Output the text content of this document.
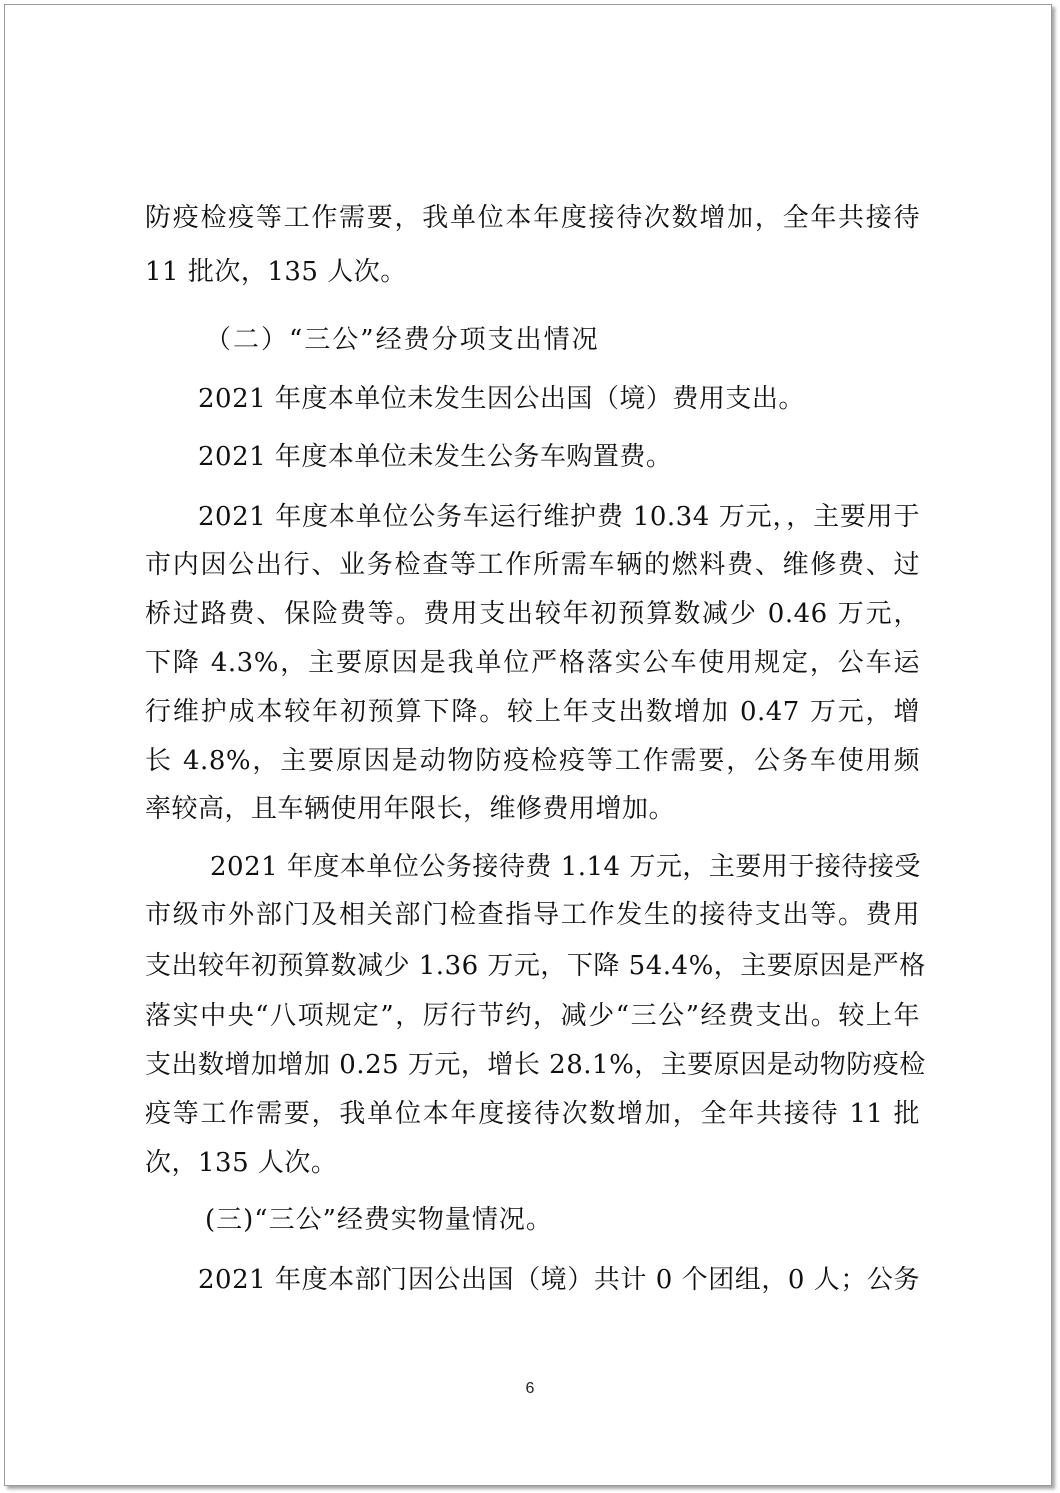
防疫检疫等工作需要，我单位本年度接待次数增加，全年共接待
11 批次，135 人次。
（二）“三公”经费分项支出情况
2021 年度本单位未发生因公出国（境）费用支出。
2021 年度本单位未发生公务车购置费。
2021 年度本单位公务车运行维护费 10.34 万元，，主要用于
市内因公出行、业务检查等工作所需车辆的燃料费、维修费、过
桥过路费、保险费等。费用支出较年初预算数减少 0.46 万元，
下降 4.3%，主要原因是我单位严格落实公车使用规定，公车运
行维护成本较年初预算下降。较上年支出数增加 0.47 万元，增
长 4.8%，主要原因是动物防疫检疫等工作需要，公务车使用频
率较高，且车辆使用年限长，维修费用增加。
2021 年度本单位公务接待费 1.14 万元，主要用于接待接受
市级市外部门及相关部门检查指导工作发生的接待支出等。费用
支出较年初预算数减少 1.36 万元，下降 54.4%，主要原因是严格
落实中央“八项规定”，厉行节约，减少“三公”经费支出。较上年
支出数增加增加 0.25 万元，增长 28.1%，主要原因是动物防疫检
疫等工作需要，我单位本年度接待次数增加，全年共接待 11 批
次，135 人次。
(三)“三公”经费实物量情况。
2021 年度本部门因公出国（境）共计 0 个团组，0 人；公务
6
